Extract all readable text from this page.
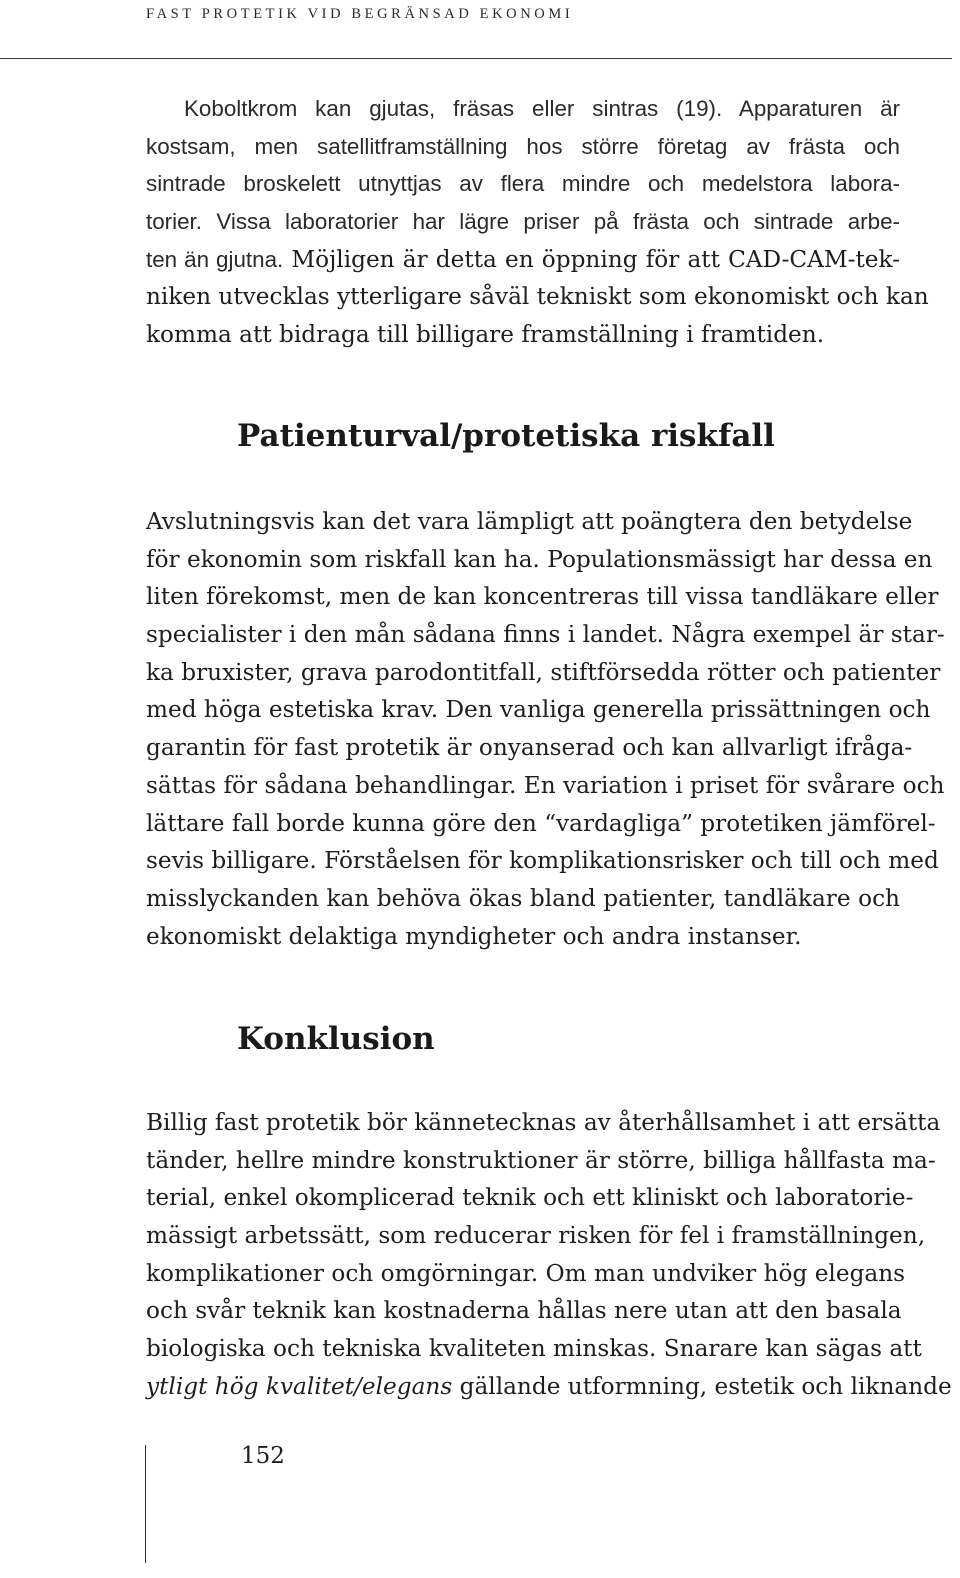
FAST PROTETIK VID BEGRÄNSAD EKONOMI
Koboltkrom kan gjutas, fräsas eller sintras (19). Apparaturen är
kostsam, men satellitframställning hos större företag av frästa och
sintrade broskelett utnyttjas av flera mindre och medelstora labora-
torier. Vissa laboratorier har lägre priser på frästa och sintrade arbe-
ten än gjutna. Möjligen är detta en öppning för att CAD-CAM-tek-
niken utvecklas ytterligare såväl tekniskt som ekonomiskt och kan
komma att bidraga till billigare framställning i framtiden.
Patienturval/protetiska riskfall
Avslutningsvis kan det vara lämpligt att poängtera den betydelse
för ekonomin som riskfall kan ha. Populationsmässigt har dessa en
liten förekomst, men de kan koncentreras till vissa tandläkare eller
specialister i den mån sådana finns i landet. Några exempel är star-
ka bruxister, grava parodontitfall, stiftförsedda rötter och patienter
med höga estetiska krav. Den vanliga generella prissättningen och
garantin för fast protetik är onyanserad och kan allvarligt ifråga-
sättas för sådana behandlingar. En variation i priset för svårare och
lättare fall borde kunna göre den “vardagliga” protetiken jämförel-
sevis billigare. Förståelsen för komplikationsrisker och till och med
misslyckanden kan behöva ökas bland patienter, tandläkare och
ekonomiskt delaktiga myndigheter och andra instanser.
Konklusion
Billig fast protetik bör kännetecknas av återhållsamhet i att ersätta
tänder, hellre mindre konstruktioner är större, billiga hållfasta ma-
terial, enkel okomplicerad teknik och ett kliniskt och laboratorie-
mässigt arbetssätt, som reducerar risken för fel i framställningen,
komplikationer och omgörningar. Om man undviker hög elegans
och svår teknik kan kostnaderna hållas nere utan att den basala
biologiska och tekniska kvaliteten minskas. Snarare kan sägas att
ytligt hög kvalitet/elegans gällande utformning, estetik och liknande
152
